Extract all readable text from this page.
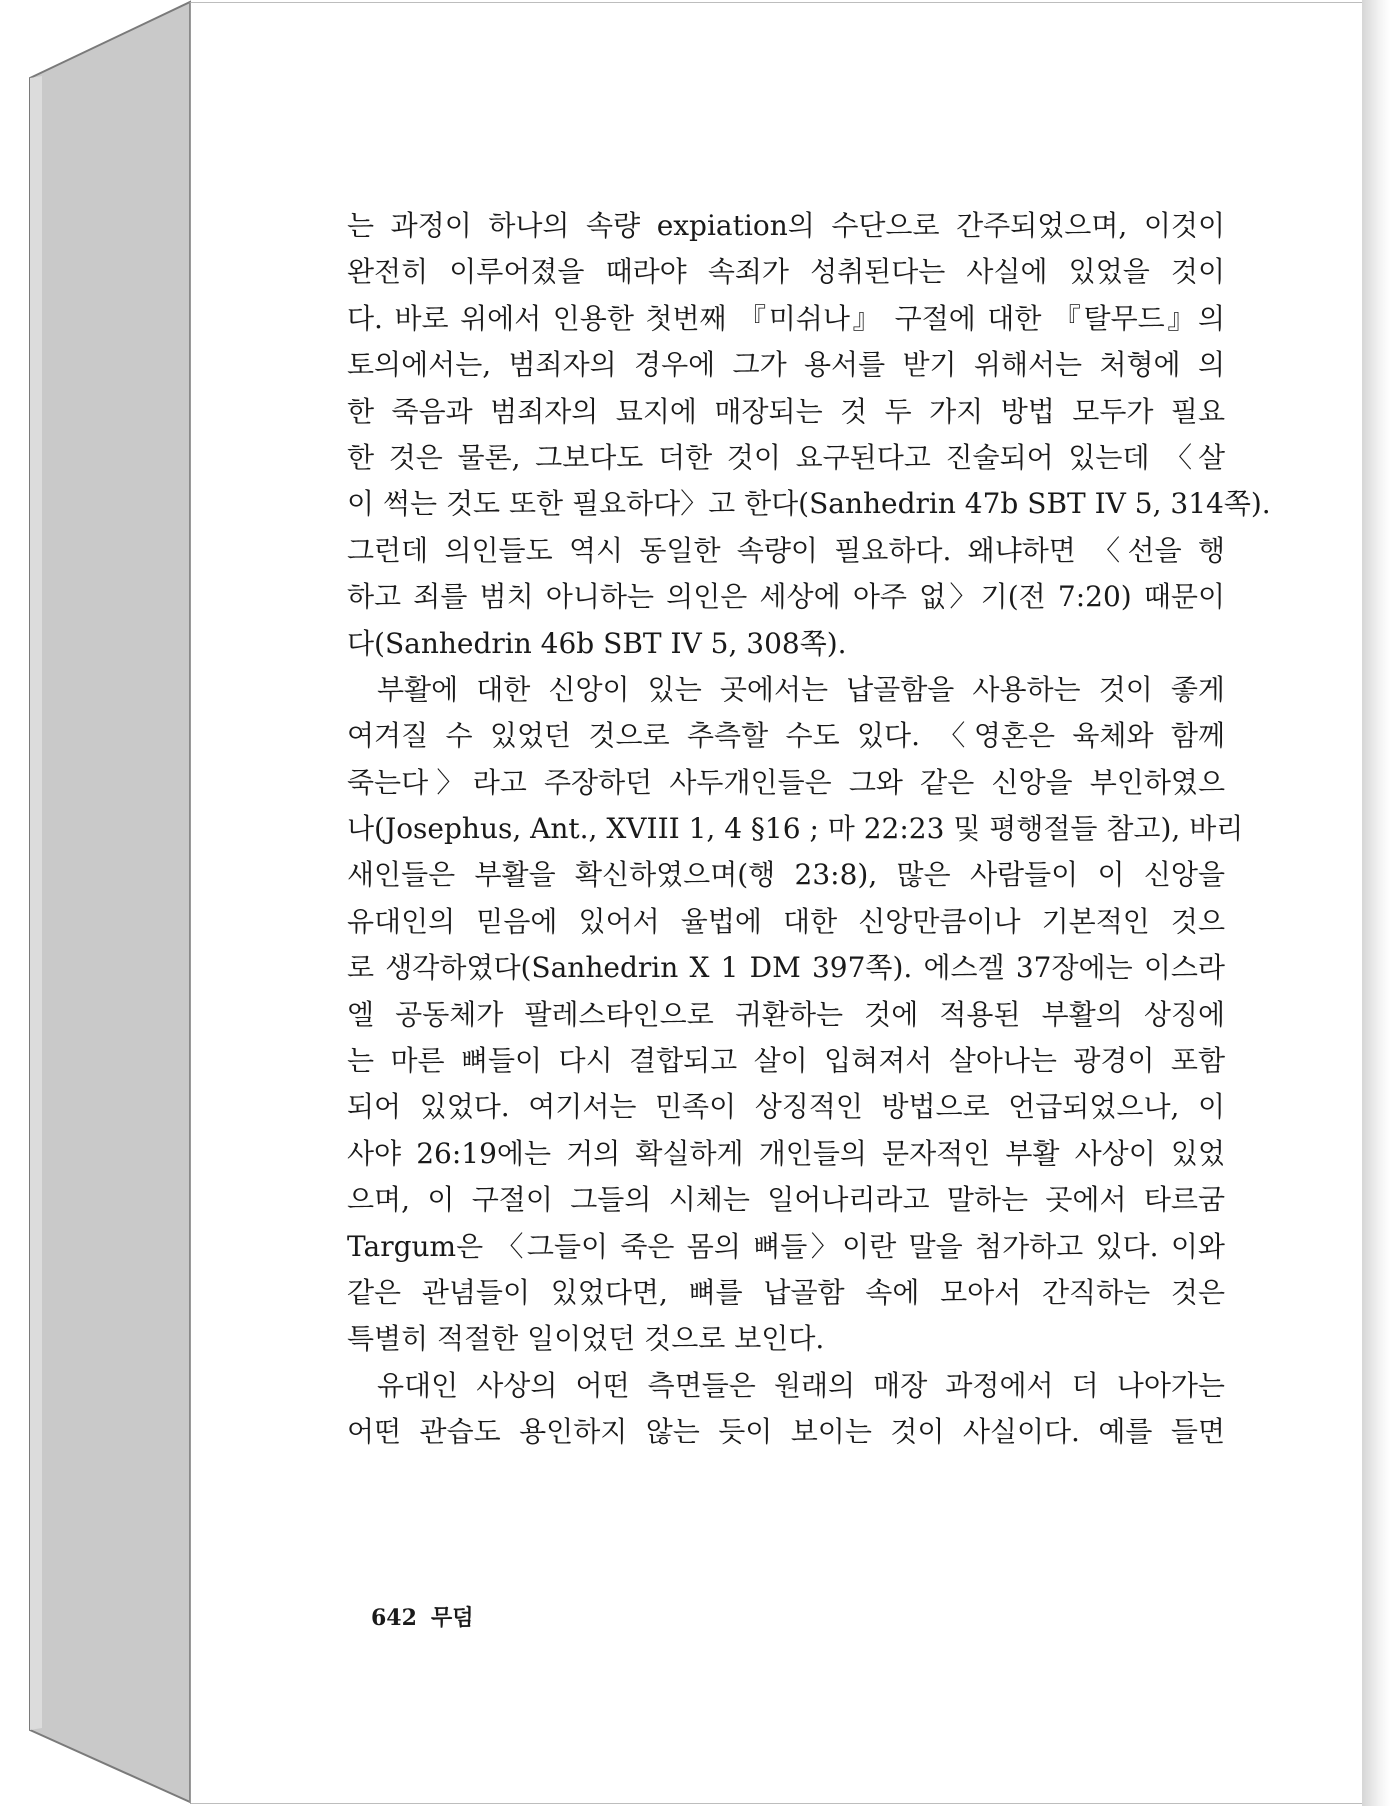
는 과정이 하나의 속량 expiation의 수단으로 간주되었으며, 이것이
완전히 이루어졌을 때라야 속죄가 성취된다는 사실에 있었을 것이
다. 바로 위에서 인용한 첫번째 『미쉬나』 구절에 대한 『탈무드』의
토의에서는, 범죄자의 경우에 그가 용서를 받기 위해서는 처형에 의
한 죽음과 범죄자의 묘지에 매장되는 것 두 가지 방법 모두가 필요
한 것은 물론, 그보다도 더한 것이 요구된다고 진술되어 있는데 〈살
이 썩는 것도 또한 필요하다〉고 한다(Sanhedrin 47b SBT IV 5, 314쪽).
그런데 의인들도 역시 동일한 속량이 필요하다. 왜냐하면 〈선을 행
하고 죄를 범치 아니하는 의인은 세상에 아주 없〉기(전 7:20) 때문이
다(Sanhedrin 46b SBT IV 5, 308쪽).
부활에 대한 신앙이 있는 곳에서는 납골함을 사용하는 것이 좋게
여겨질 수 있었던 것으로 추측할 수도 있다. 〈영혼은 육체와 함께
죽는다〉라고 주장하던 사두개인들은 그와 같은 신앙을 부인하였으
나(Josephus, Ant., XVIII 1, 4 §16 ; 마 22:23 및 평행절들 참고), 바리
새인들은 부활을 확신하였으며(행 23:8), 많은 사람들이 이 신앙을
유대인의 믿음에 있어서 율법에 대한 신앙만큼이나 기본적인 것으
로 생각하였다(Sanhedrin X 1 DM 397쪽). 에스겔 37장에는 이스라
엘 공동체가 팔레스타인으로 귀환하는 것에 적용된 부활의 상징에
는 마른 뼈들이 다시 결합되고 살이 입혀져서 살아나는 광경이 포함
되어 있었다. 여기서는 민족이 상징적인 방법으로 언급되었으나, 이
사야 26:19에는 거의 확실하게 개인들의 문자적인 부활 사상이 있었
으며, 이 구절이 그들의 시체는 일어나리라고 말하는 곳에서 타르굼
Targum은 〈그들이 죽은 몸의 뼈들〉이란 말을 첨가하고 있다. 이와
같은 관념들이 있었다면, 뼈를 납골함 속에 모아서 간직하는 것은
특별히 적절한 일이었던 것으로 보인다.
유대인 사상의 어떤 측면들은 원래의 매장 과정에서 더 나아가는
어떤 관습도 용인하지 않는 듯이 보이는 것이 사실이다. 예를 들면
642 무덤
